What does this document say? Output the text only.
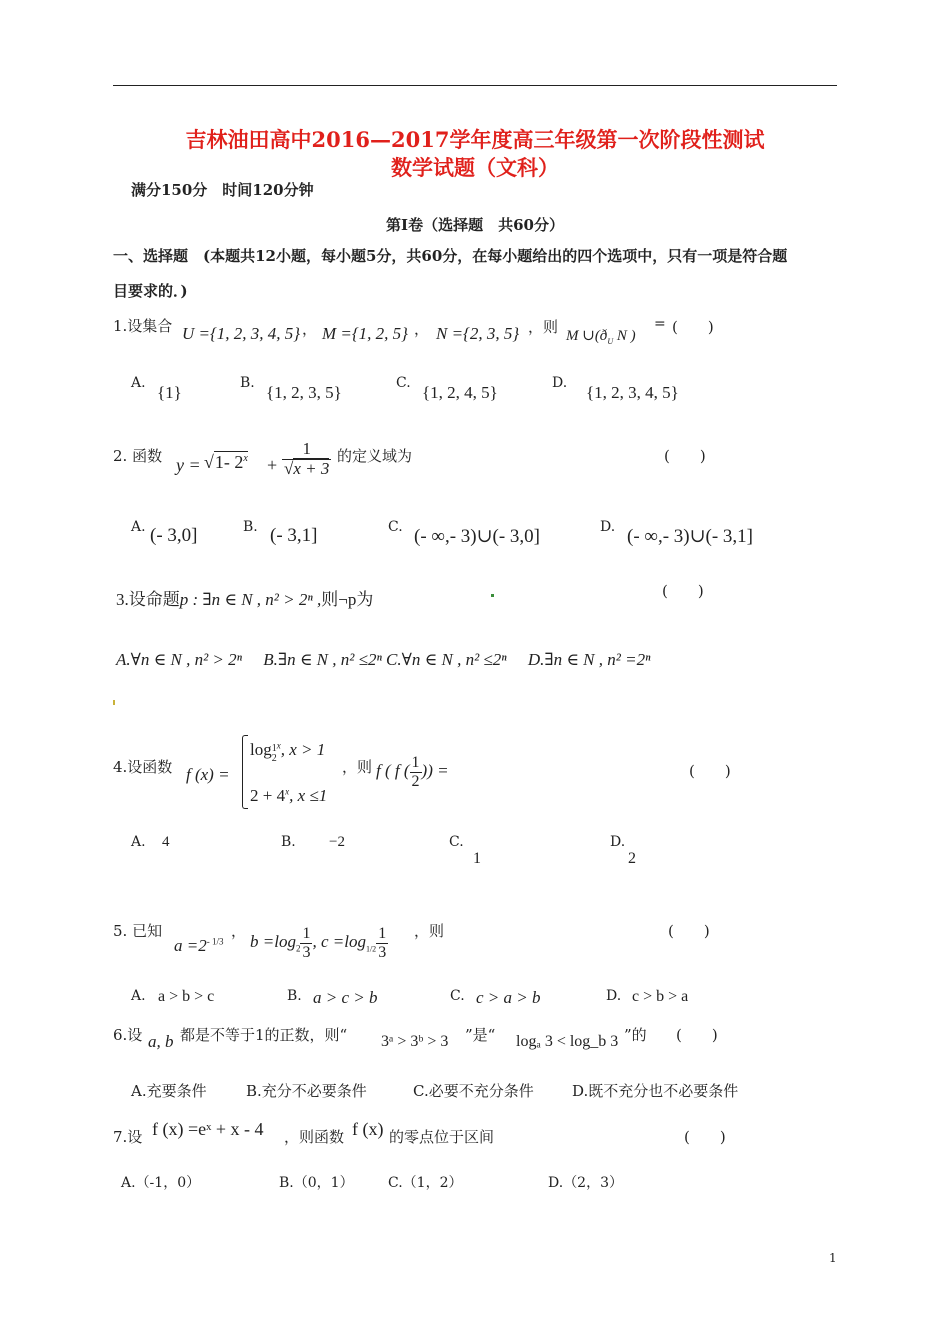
吉林油田高中2016—2017学年度高三年级第一次阶段性测试
数学试题（文科）
满分150分　时间120分钟
第Ⅰ卷（选择题　共60分）
一、选择题　(本题共12小题，每小题5分，共60分，在每小题给出的四个选项中，只有一项是符合题
目要求的．)
1.设集合 U ={1, 2, 3, 4, 5} ， M ={1, 2, 5} ， N ={2, 3, 5} ，则 M $\cup(ð_U$ N )
= (　　)
A. {1}	B. {1, 2, 3, 5}	C. {1, 2, 4, 5}	D. {1, 2, 3, 4, 5}
2. 函数 y = √1- $2^x + \frac{1}{√x + 3}$ 的定义域为	(　　)
A. (- 3,0]	B. (- 3,1]	C. (- ∞,- 3)∪(- 3,0]	D. (- ∞,- 3)∪(- 3,1]
3.设命题p : ∃n ∈ N , n² > 2ⁿ ,则¬p为	(　　)
A.∀n ∈ N , n² > 2ⁿ　 B.∃n ∈ N , n² ≤2ⁿ C.∀n ∈ N , n² ≤2ⁿ　 D.∃n ∈ N , n² =2ⁿ
4.设函数 f (x) =
log 1
2
$^x$, x > 1
$2 + 4^x$, x ≤1
，则 f ( f ( $\frac{1}{2}$ )) =	(　　)
A. 4	B. −2	C.
1
D.
2
5. 已知
$a =2^{- 1/3}$
，
$b =\log_2 \frac{1}{3}$ , $c =\log_{1/2} \frac{1}{3}$ ，则	(　　)
A. a > b > c	B. a > c > b	C. c > a > b	D. c > b > a
6.设 a, b 都是不等于1的正数，则“ 3ᵃ > 3ᵇ > 3 ”是“ logₐ 3 < log_b 3 ”的 (　　)
A.充要条件	B.充分不必要条件	C.必要不充分条件	D.既不充分也不必要条件
7.设 f (x) =eˣ + x - 4 ，则函数 f (x) 的零点位于区间	(　　)
A.（-1，0）	B.（0，1） C.（1，2）	D.（2，3）
1
